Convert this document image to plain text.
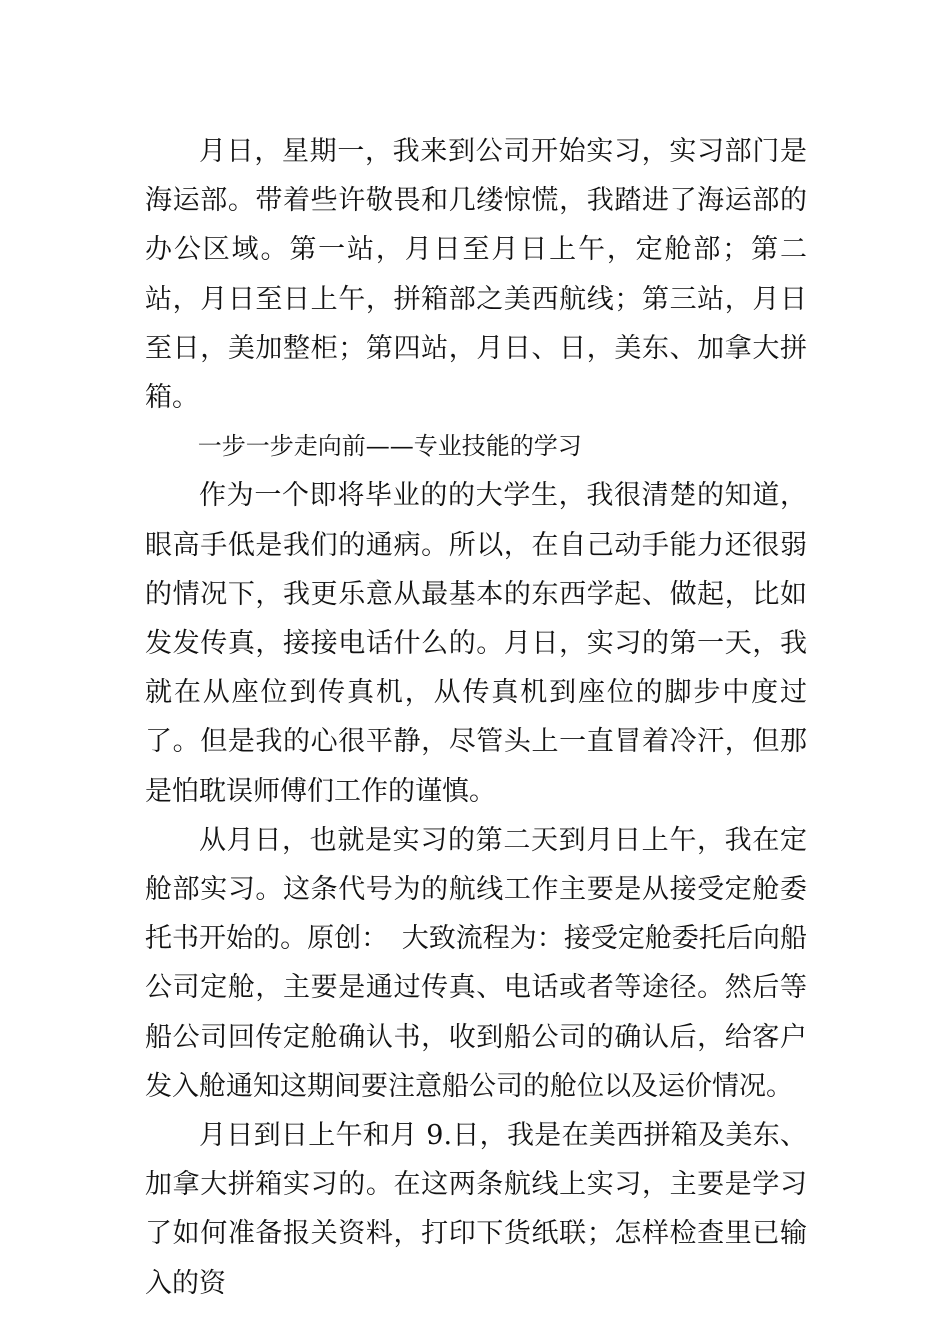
月日，星期一，我来到公司开始实习，实习部门是海运部。带着些许敬畏和几缕惊慌，我踏进了海运部的办公区域。第一站，月日至月日上午，定舱部；第二站，月日至日上午，拼箱部之美西航线；第三站，月日至日，美加整柜；第四站，月日、日，美东、加拿大拼箱。

一步一步走向前——专业技能的学习

作为一个即将毕业的的大学生，我很清楚的知道，眼高手低是我们的通病。所以，在自己动手能力还很弱的情况下，我更乐意从最基本的东西学起、做起，比如发发传真，接接电话什么的。月日，实习的第一天，我就在从座位到传真机，从传真机到座位的脚步中度过了。但是我的心很平静，尽管头上一直冒着冷汗，但那是怕耽误师傅们工作的谨慎。

从月日，也就是实习的第二天到月日上午，我在定舱部实习。这条代号为的航线工作主要是从接受定舱委托书开始的。原创：　大致流程为：接受定舱委托后向船公司定舱，主要是通过传真、电话或者等途径。然后等船公司回传定舱确认书，收到船公司的确认后，给客户发入舱通知这期间要注意船公司的舱位以及运价情况。

月日到日上午和月 9.日，我是在美西拼箱及美东、加拿大拼箱实习的。在这两条航线上实习，主要是学习了如何准备报关资料，打印下货纸联；怎样检查里已输入的资
